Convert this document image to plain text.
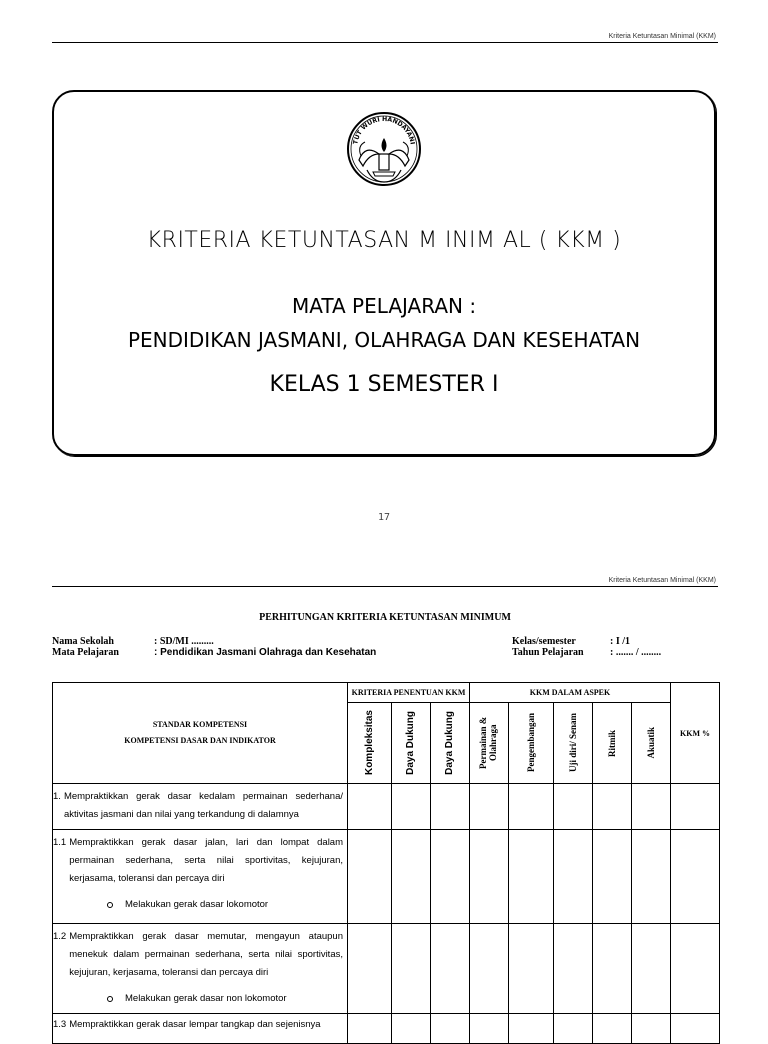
Kriteria Ketuntasan Minimal (KKM)
TUT WURI HANDAYANI
KRITERIA KETUNTASAN M INIM AL ( KKM )
MATA PELAJARAN :
PENDIDIKAN JASMANI, OLAHRAGA DAN KESEHATAN
KELAS 1 SEMESTER I
17
Kriteria Ketuntasan Minimal (KKM)
PERHITUNGAN KRITERIA KETUNTASAN MINIMUM
Nama Sekolah	: SD/MI .........
Mata Pelajaran	: Pendidikan Jasmani Olahraga dan Kesehatan
Kelas/semester	: I /1
Tahun Pelajaran	: ....... / ........
STANDAR KOMPETENSI
KOMPETENSI DASAR DAN INDIKATOR	KRITERIA PENENTUAN KKM			KKM DALAM ASPEK					KKM %

	Kompleksitas	Daya Dukung	Daya Dukung	Permainan & Olahraga	Pengembangan	Uji diri/ Senam	Ritmik	Akuatik	

1. Mempraktikkan gerak dasar kedalam permainan sederhana/ aktivitas jasmani dan nilai yang terkandung di dalamnya									

1.1 Mempraktikkan gerak dasar jalan, lari dan lompat dalam permainan sederhana, serta nilai sportivitas, kejujuran, kerjasama, toleransi dan percaya diri
Melakukan gerak dasar lokomotor									

1.2 Mempraktikkan gerak dasar memutar, mengayun ataupun menekuk dalam permainan sederhana, serta nilai sportivitas, kejujuran, kerjasama, toleransi dan percaya diri
Melakukan gerak dasar non lokomotor									

1.3 Mempraktikkan gerak dasar lempar tangkap dan sejenisnya									
